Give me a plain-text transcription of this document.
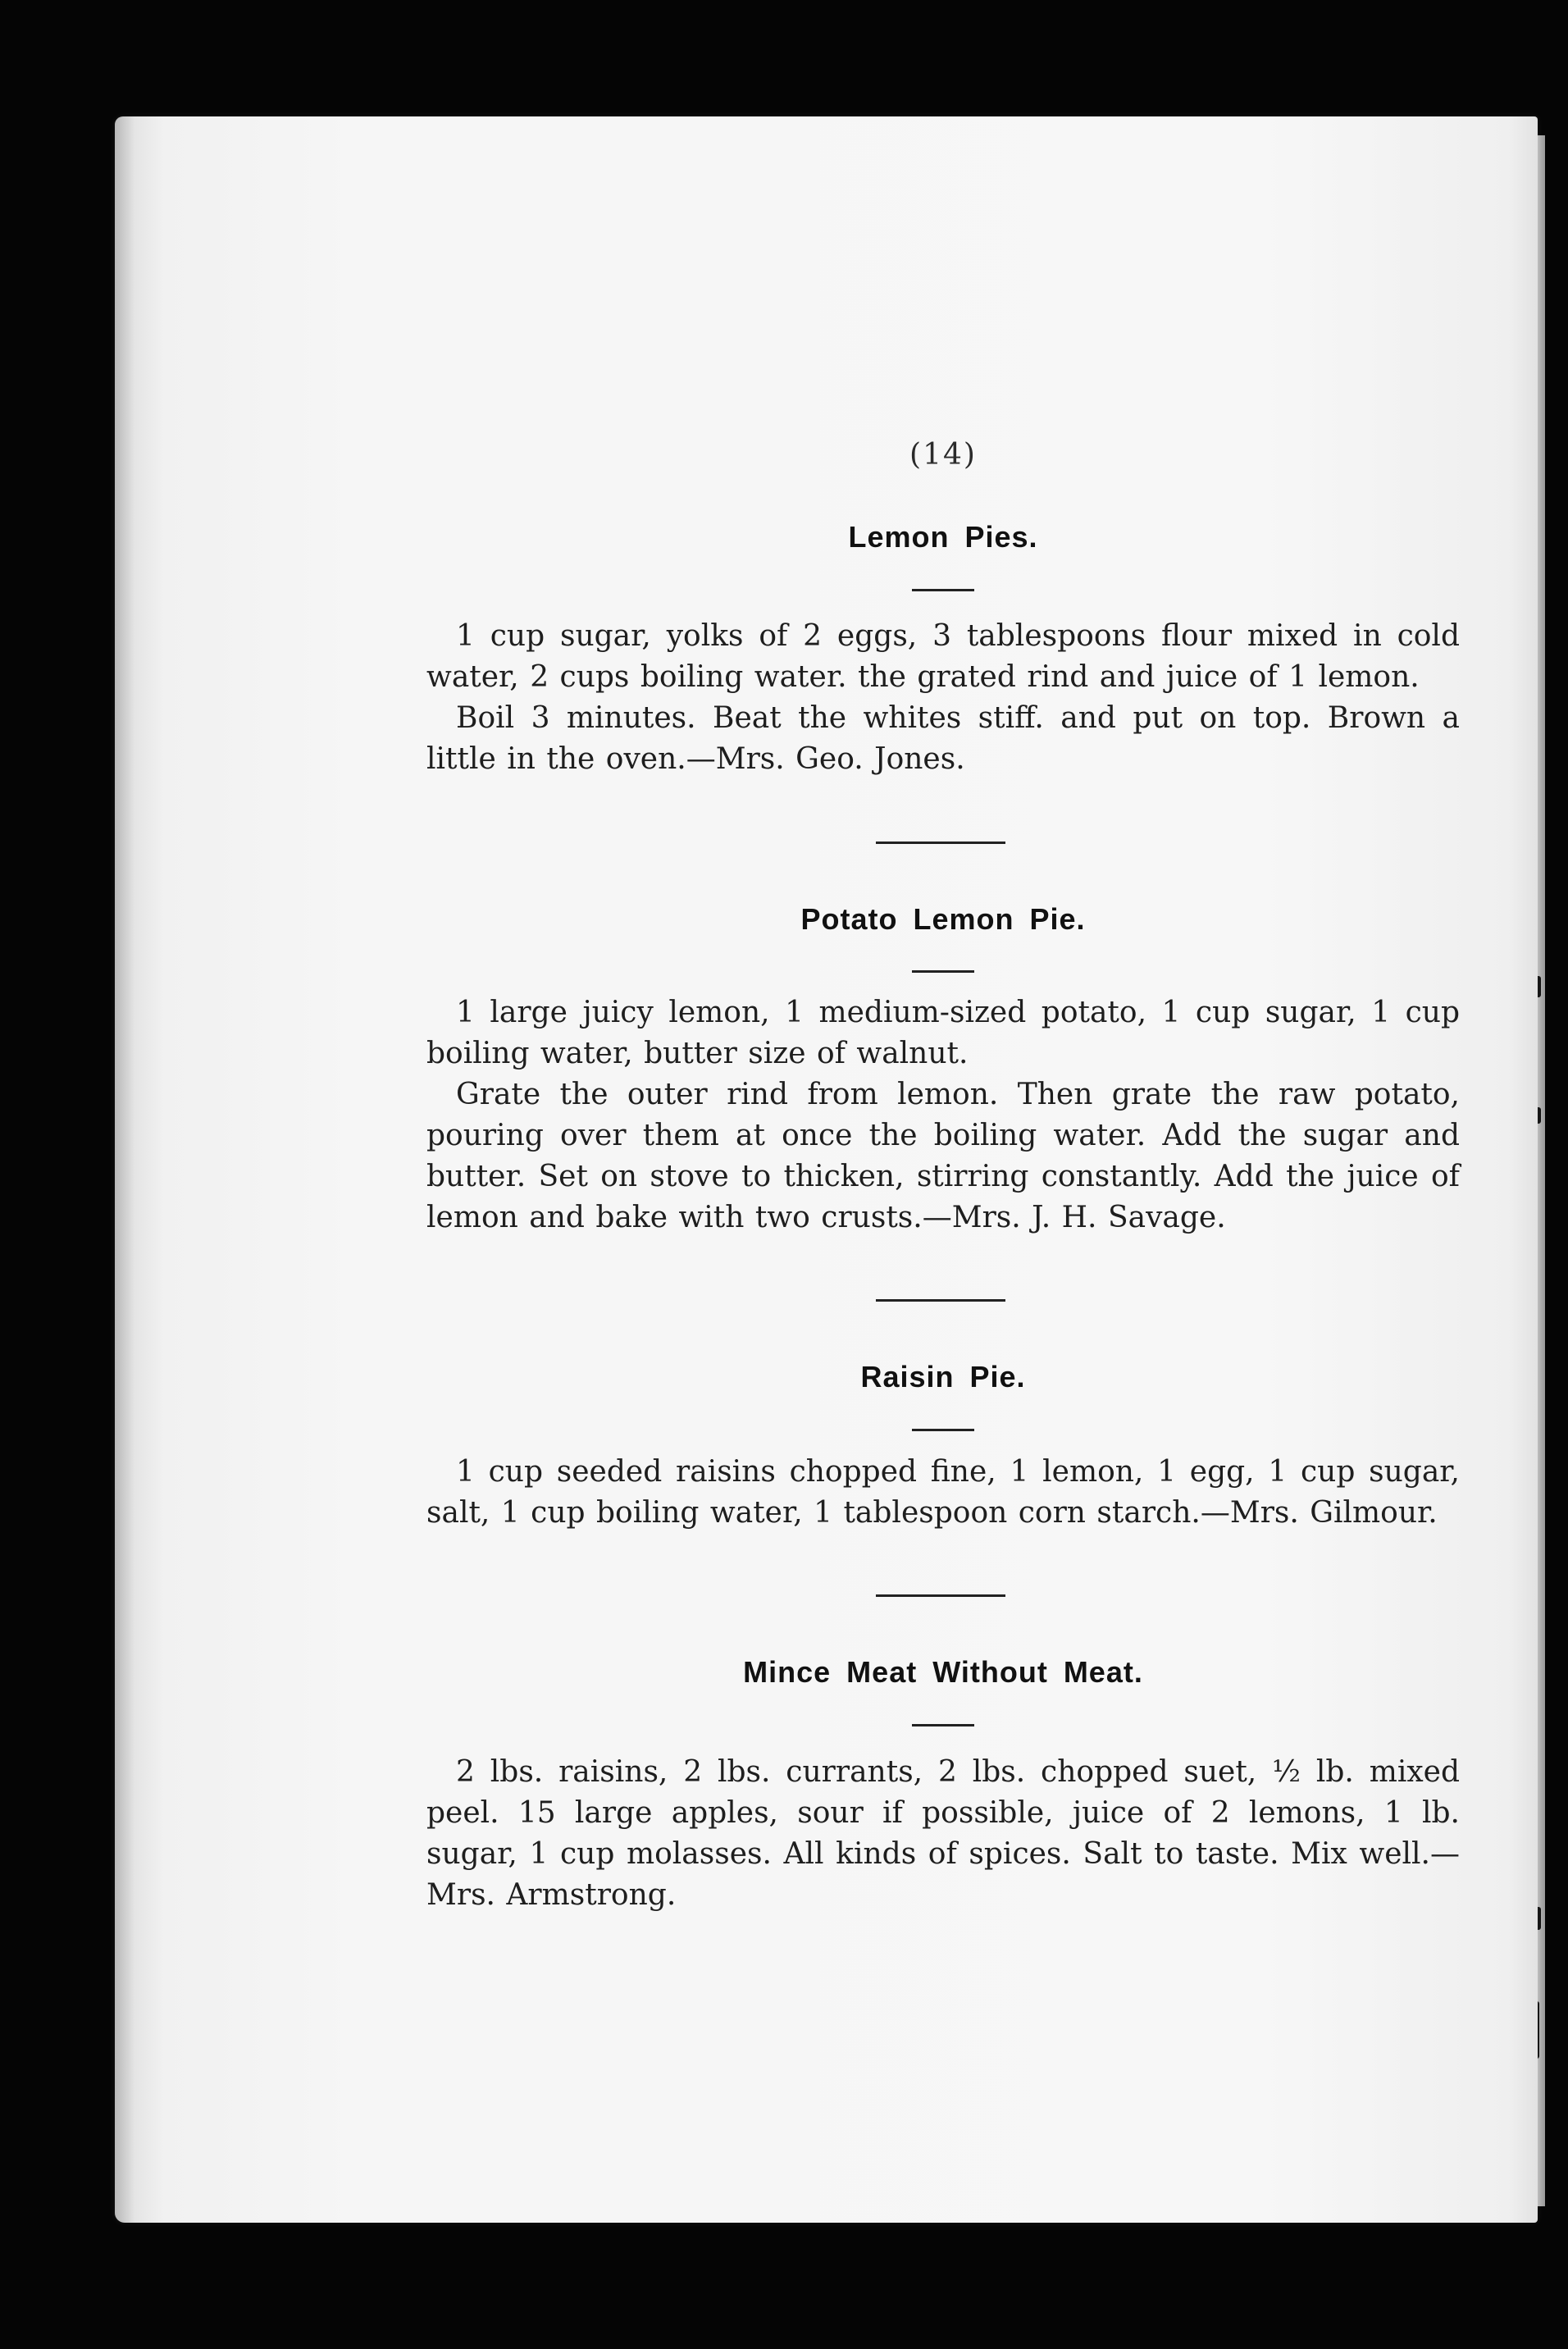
(14)
Lemon Pies.

1 cup sugar, yolks of 2 eggs, 3 tablespoons flour mixed in cold water, 2 cups boiling water. the grated rind and juice of 1 lemon.

Boil 3 minutes. Beat the whites stiff. and put on top. Brown a little in the oven.—Mrs. Geo. Jones.

Potato Lemon Pie.

1 large juicy lemon, 1 medium-sized potato, 1 cup sugar, 1 cup boiling water, butter size of walnut.

Grate the outer rind from lemon. Then grate the raw potato, pouring over them at once the boiling water. Add the sugar and butter. Set on stove to thicken, stirring constantly. Add the juice of lemon and bake with two crusts.—Mrs. J. H. Savage.

Raisin Pie.

1 cup seeded raisins chopped fine, 1 lemon, 1 egg, 1 cup sugar, salt, 1 cup boiling water, 1 tablespoon corn starch.—Mrs. Gilmour.

Mince Meat Without Meat.

2 lbs. raisins, 2 lbs. currants, 2 lbs. chopped suet, ½ lb. mixed peel. 15 large apples, sour if possible, juice of 2 lemons, 1 lb. sugar, 1 cup molasses. All kinds of spices. Salt to taste. Mix well.—Mrs. Armstrong.
